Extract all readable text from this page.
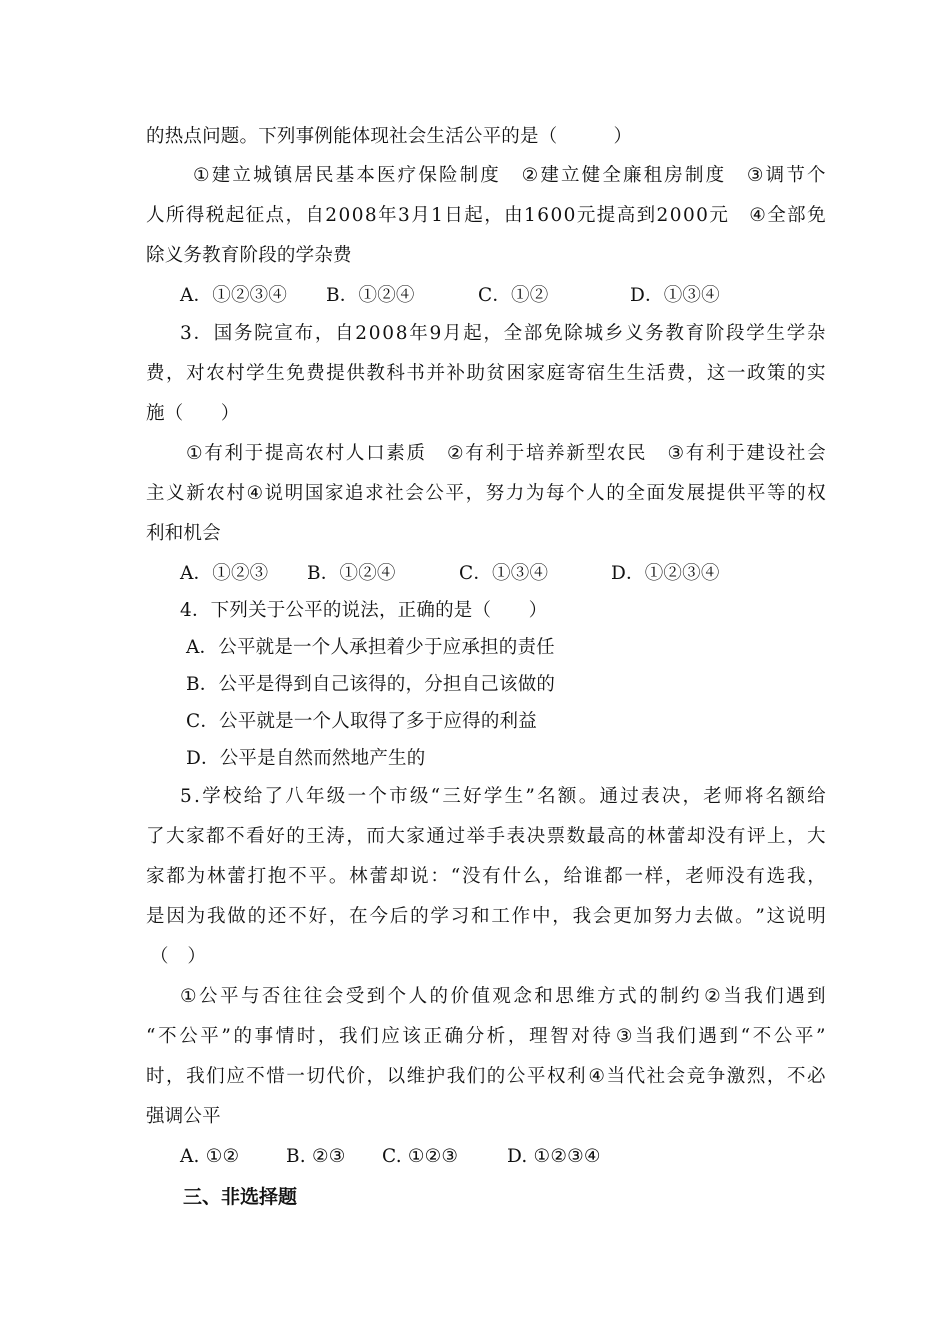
的热点问题。下列事例能体现社会生活公平的是（　　　）
① 建 立 城 镇 居 民 基 本 医 疗 保 险 制 度
　 ② 建 立 健 全 廉 租 房 制 度
　 ③ 调 节 个
人 所 得 税 起 征 点 ， 自 2 0 0 8 年 3 月 1 日 起 ， 由 1 6 0 0 元 提 高 到 2 0 0 0 元
　 ④ 全 部 免
除义务教育阶段的学杂费
A．①②③④ B．①②④	C．①②	D．①③④
3 ． 国 务 院 宣 布 ， 自 2 0 0 8 年 9 月 起 ， 全 部 免 除 城 乡 义 务 教 育 阶 段 学 生 学 杂
费 ， 对 农 村 学 生 免 费 提 供 教 科 书 并 补 助 贫 困 家 庭 寄 宿 生 生 活 费 ， 这 一 政 策 的 实
施（　　）
① 有 利 于 提 高 农 村 人 口 素 质
　 ② 有 利 于 培 养 新 型 农 民
　 ③ 有 利 于 建 设 社 会
主 义 新 农 村 ④ 说 明 国 家 追 求 社 会 公 平 ， 努 力 为 每 个 人 的 全 面 发 展 提 供 平 等 的 权
利和机会
A．①②③ B．①②④	C．①③④	D．①②③④
4．下列关于公平的说法，正确的是（　　）
A．公平就是一个人承担着少于应承担的责任
B．公平是得到自己该得的，分担自己该做的
C．公平就是一个人取得了多于应得的利益
D．公平是自然而然地产生的
5 . 学 校 给 了 八 年 级 一 个 市 级 “ 三 好 学 生 ” 名 额 。 通 过 表 决 ， 老 师 将 名 额 给
了 大 家 都 不 看 好 的 王 涛 ， 而 大 家 通 过 举 手 表 决 票 数 最 高 的 林 蕾 却 没 有 评 上 ， 大
家 都 为 林 蕾 打 抱 不 平 。 林 蕾 却 说 ： “ 没 有 什 么 ， 给 谁 都 一 样 ， 老 师 没 有 选 我 ，
是 因 为 我 做 的 还 不 好 ， 在 今 后 的 学 习 和 工 作 中 ， 我 会 更 加 努 力 去 做 。 ” 这 说 明
（　）
① 公 平 与 否 往 往 会 受 到 个 人 的 价 值 观 念 和 思 维 方 式 的 制 约 ② 当 我 们 遇 到
“ 不 公 平 ” 的 事 情 时 ， 我 们 应 该 正 确 分 析 ， 理 智 对 待 ③ 当 我 们 遇 到 “ 不 公 平 ”
时 ， 我 们 应 不 惜 一 切 代 价 ， 以 维 护 我 们 的 公 平 权 利 ④ 当 代 社 会 竞 争 激 烈 ， 不 必
强调公平
A. ①②	B. ②③ C. ①②③	D. ①②③④
三、非选择题
